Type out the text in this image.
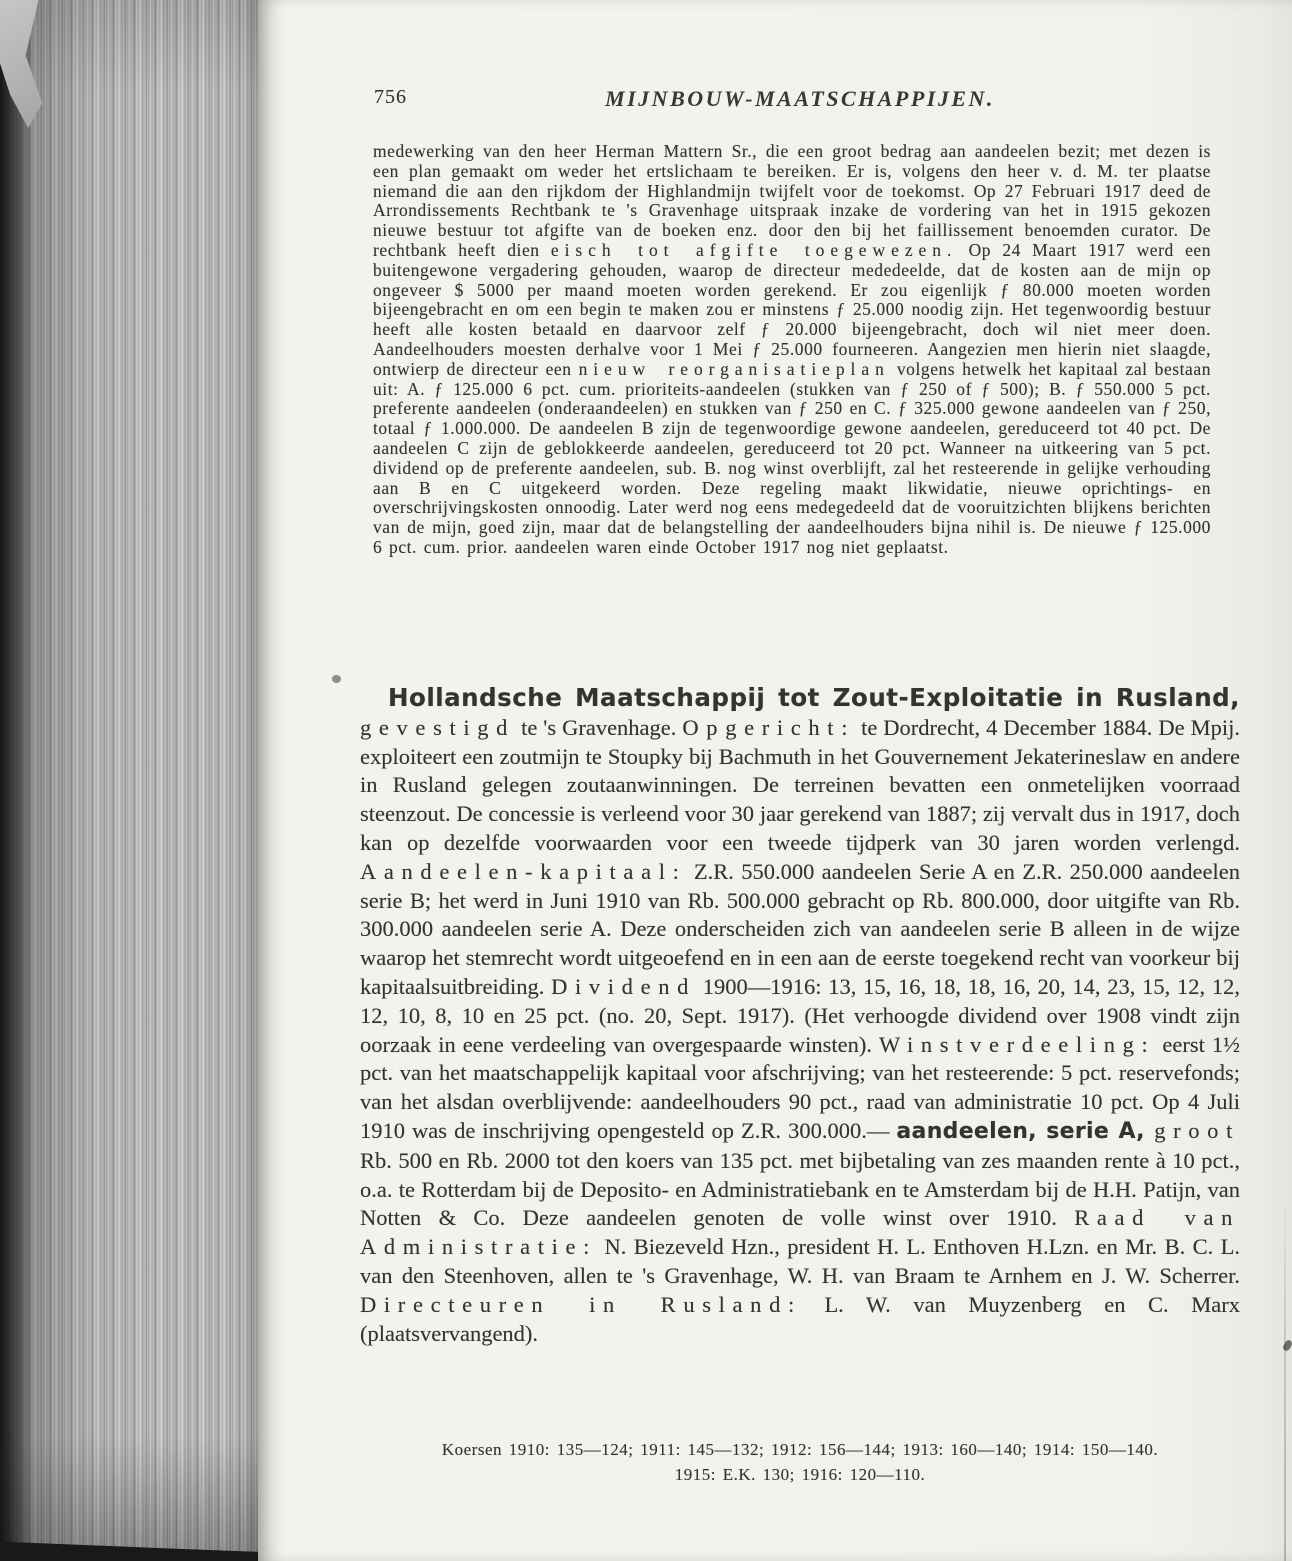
756	MIJNBOUW-MAATSCHAPPIJEN.

medewerking van den heer Herman Mattern Sr., die een groot bedrag aan aandeelen bezit; met dezen is een plan gemaakt om weder het ertslichaam te bereiken. Er is, volgens den heer v. d. M. ter plaatse niemand die aan den rijkdom der Highlandmijn twijfelt voor de toekomst. Op 27 Februari 1917 deed de Arrondissements Rechtbank te 's Gravenhage uitspraak inzake de vordering van het in 1915 gekozen nieuwe bestuur tot afgifte van de boeken enz. door den bij het faillissement benoemden curator. De rechtbank heeft dien eisch tot afgifte toegewezen. Op 24 Maart 1917 werd een buitengewone vergadering gehouden, waarop de directeur mededeelde, dat de kosten aan de mijn op ongeveer $ 5000 per maand moeten worden gerekend. Er zou eigenlijk ƒ 80.000 moeten worden bijeengebracht en om een begin te maken zou er minstens ƒ 25.000 noodig zijn. Het tegenwoordig bestuur heeft alle kosten betaald en daarvoor zelf ƒ 20.000 bijeengebracht, doch wil niet meer doen. Aandeelhouders moesten derhalve voor 1 Mei ƒ 25.000 fourneeren. Aangezien men hierin niet slaagde, ontwierp de directeur een nieuw reorganisatieplan volgens hetwelk het kapitaal zal bestaan uit: A. ƒ 125.000 6 pct. cum. prioriteits-aandeelen (stukken van ƒ 250 of ƒ 500); B. ƒ 550.000 5 pct. preferente aandeelen (onderaandeelen) en stukken van ƒ 250 en C. ƒ 325.000 gewone aandeelen van ƒ 250, totaal ƒ 1.000.000. De aandeelen B zijn de tegenwoordige gewone aandeelen, gereduceerd tot 40 pct. De aandeelen C zijn de geblokkeerde aandeelen, gereduceerd tot 20 pct. Wanneer na uitkeering van 5 pct. dividend op de preferente aandeelen, sub. B. nog winst overblijft, zal het resteerende in gelijke verhouding aan B en C uitgekeerd worden. Deze regeling maakt likwidatie, nieuwe oprichtings- en overschrijvingskosten onnoodig. Later werd nog eens medegedeeld dat de vooruitzichten blijkens berichten van de mijn, goed zijn, maar dat de belangstelling der aandeelhouders bijna nihil is. De nieuwe ƒ 125.000 6 pct. cum. prior. aandeelen waren einde October 1917 nog niet geplaatst.

Hollandsche Maatschappij tot Zout-Exploitatie in Rusland, gevestigd te 's Gravenhage. Opgericht: te Dordrecht, 4 December 1884. De Mpij. exploiteert een zoutmijn te Stoupky bij Bachmuth in het Gouvernement Jekaterineslaw en andere in Rusland gelegen zoutaanwinningen. De terreinen bevatten een onmetelijken voorraad steenzout. De concessie is verleend voor 30 jaar gerekend van 1887; zij vervalt dus in 1917, doch kan op dezelfde voorwaarden voor een tweede tijdperk van 30 jaren worden verlengd. Aandeelen-kapitaal: Z.R. 550.000 aandeelen Serie A en Z.R. 250.000 aandeelen serie B; het werd in Juni 1910 van Rb. 500.000 gebracht op Rb. 800.000, door uitgifte van Rb. 300.000 aandeelen serie A. Deze onderscheiden zich van aandeelen serie B alleen in de wijze waarop het stemrecht wordt uitgeoefend en in een aan de eerste toegekend recht van voorkeur bij kapitaalsuitbreiding. Dividend 1900—1916: 13, 15, 16, 18, 18, 16, 20, 14, 23, 15, 12, 12, 12, 10, 8, 10 en 25 pct. (no. 20, Sept. 1917). (Het verhoogde dividend over 1908 vindt zijn oorzaak in eene verdeeling van overgespaarde winsten). Winstverdeeling: eerst 1½ pct. van het maatschappelijk kapitaal voor afschrijving; van het resteerende: 5 pct. reservefonds; van het alsdan overblijvende: aandeelhouders 90 pct., raad van administratie 10 pct. Op 4 Juli 1910 was de inschrijving opengesteld op Z.R. 300.000.— aandeelen, serie A, groot Rb. 500 en Rb. 2000 tot den koers van 135 pct. met bijbetaling van zes maanden rente à 10 pct., o.a. te Rotterdam bij de Deposito- en Administratiebank en te Amsterdam bij de H.H. Patijn, van Notten & Co. Deze aandeelen genoten de volle winst over 1910. Raad van Administratie: N. Biezeveld Hzn., president H. L. Enthoven H.Lzn. en Mr. B. C. L. van den Steenhoven, allen te 's Gravenhage, W. H. van Braam te Arnhem en J. W. Scherrer. Directeuren in Rusland: L. W. van Muyzenberg en C. Marx (plaatsvervangend).

Koersen 1910: 135—124; 1911: 145—132; 1912: 156—144; 1913: 160—140; 1914: 150—140.
1915: E.K. 130; 1916: 120—110.
